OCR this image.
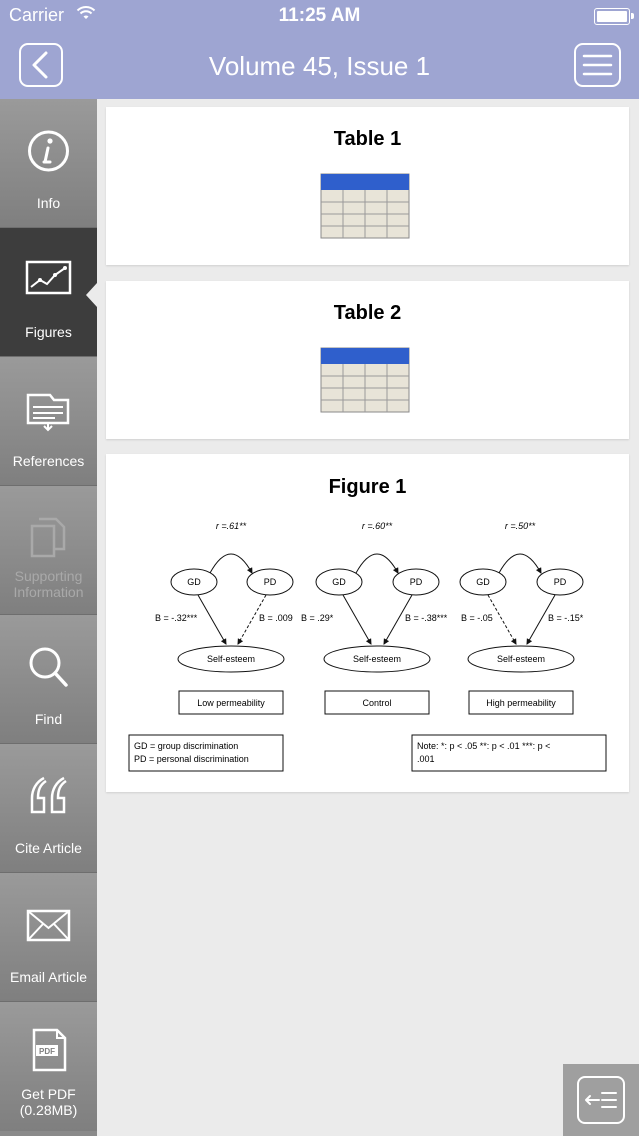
Carrier	11:25 AM
Volume 45, Issue 1
Info
Figures
References
Supporting Information
Find
Cite Article
Email Article
PDF
Get PDF (0.28MB)
Table 1
Table 2
Figure 1
r =.61**
GD	PD
B = -.32***	B = .009
Self-esteem
Low permeability
r =.60**
GD	PD
B = .29*	B = -.38***
Self-esteem
Control
r =.50**
GD	PD
B = -.05	B = -.15*
Self-esteem
High permeability
GD = group discrimination
PD = personal discrimination
Note: *: p < .05 **: p < .01 ***: p <
.001
